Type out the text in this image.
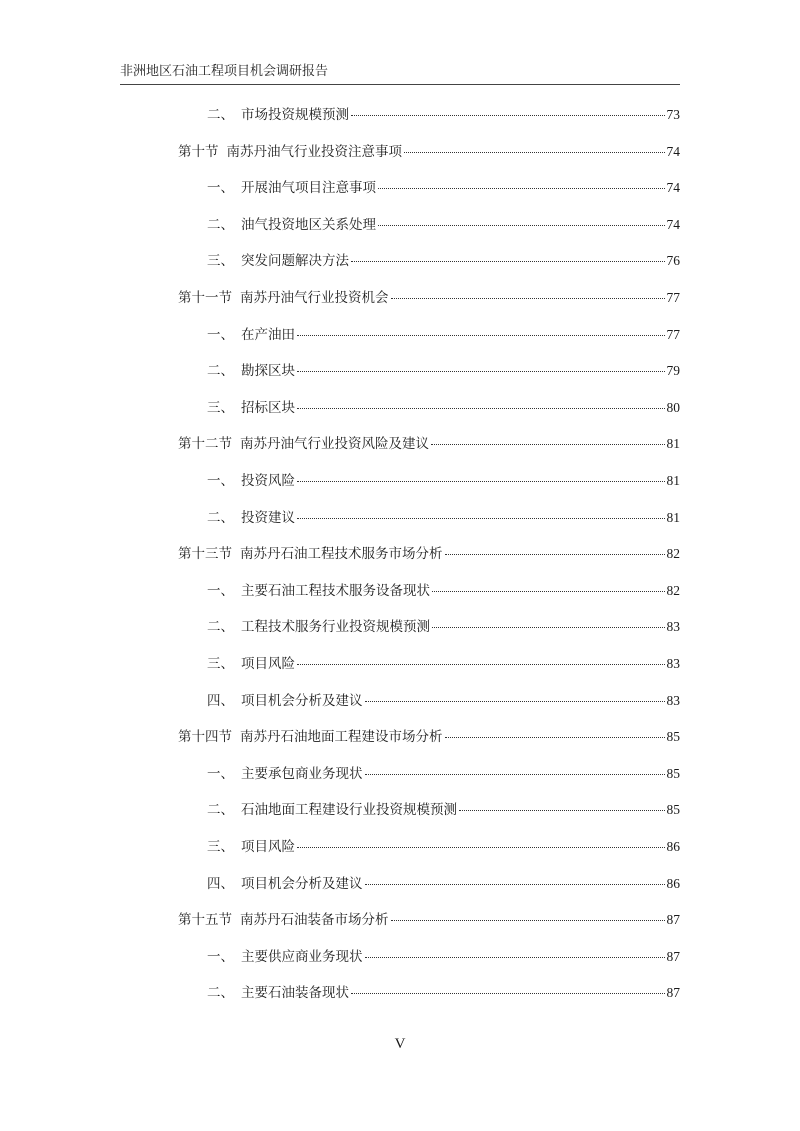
非洲地区石油工程项目机会调研报告
二、 市场投资规模预测	73
第十节 南苏丹油气行业投资注意事项	74
一、 开展油气项目注意事项	74
二、 油气投资地区关系处理	74
三、 突发问题解决方法	76
第十一节 南苏丹油气行业投资机会	77
一、 在产油田	77
二、 勘探区块	79
三、 招标区块	80
第十二节 南苏丹油气行业投资风险及建议	81
一、 投资风险	81
二、 投资建议	81
第十三节 南苏丹石油工程技术服务市场分析	82
一、 主要石油工程技术服务设备现状	82
二、 工程技术服务行业投资规模预测	83
三、 项目风险	83
四、 项目机会分析及建议	83
第十四节 南苏丹石油地面工程建设市场分析	85
一、 主要承包商业务现状	85
二、 石油地面工程建设行业投资规模预测	85
三、 项目风险	86
四、 项目机会分析及建议	86
第十五节 南苏丹石油装备市场分析	87
一、 主要供应商业务现状	87
二、 主要石油装备现状	87
V
